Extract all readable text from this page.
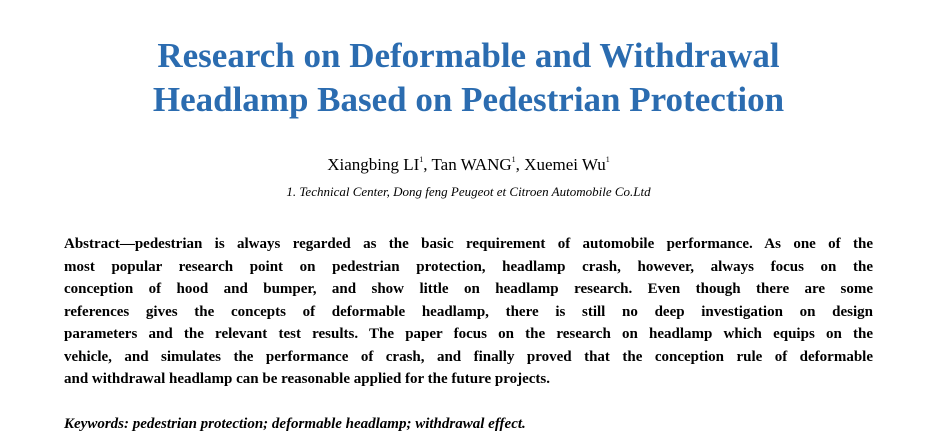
Research on Deformable and Withdrawal
Headlamp Based on Pedestrian Protection
Xiangbing $LI^1$, Tan WANG$^1$, Xuemei Wu$^1$
1. Technical Center, Dong feng Peugeot et Citroen Automobile Co.Ltd
Abstract—pedestrian is always regarded as the basic requirement of automobile performance. As one of the
most popular research point on pedestrian protection, headlamp crash, however, always focus on the
conception of hood and bumper, and show little on headlamp research. Even though there are some
references gives the concepts of deformable headlamp, there is still no deep investigation on design
parameters and the relevant test results. The paper focus on the research on headlamp which equips on the
vehicle, and simulates the performance of crash, and finally proved that the conception rule of deformable
and withdrawal headlamp can be reasonable applied for the future projects.
Keywords: pedestrian protection; deformable headlamp; withdrawal effect.
